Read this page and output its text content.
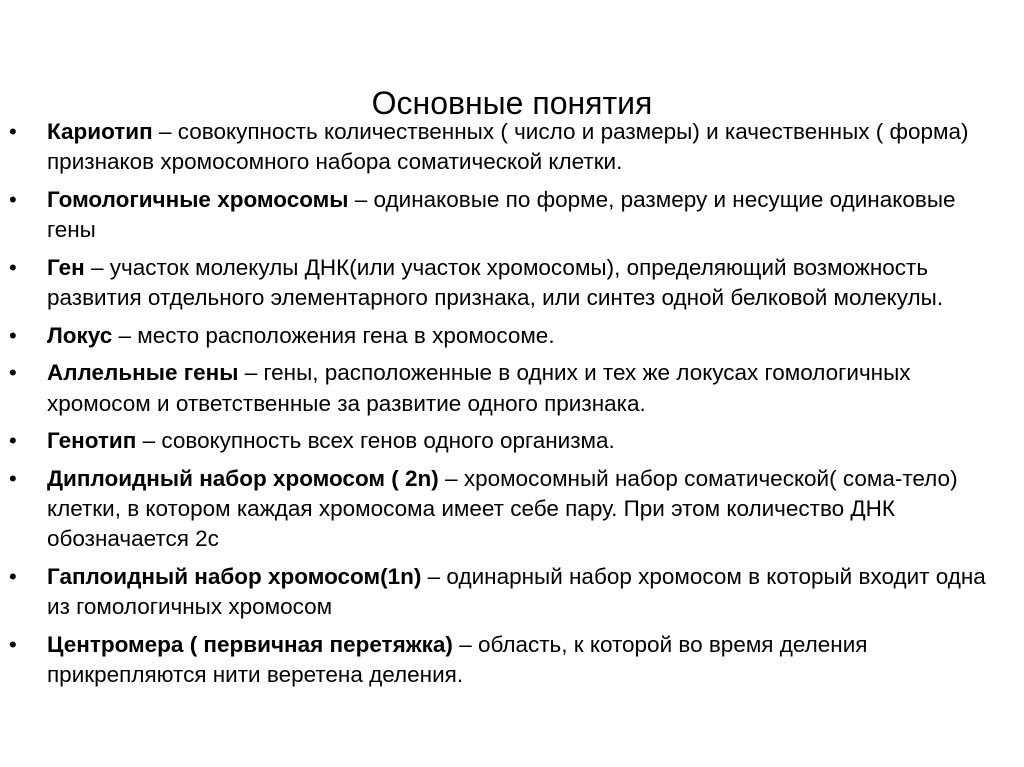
Основные понятия
• Кариотип – совокупность количественных ( число и размеры) и качественных ( форма) признаков хромосомного набора соматической клетки.
• Гомологичные хромосомы – одинаковые по форме, размеру и несущие одинаковые гены
• Ген – участок молекулы ДНК(или участок хромосомы), определяющий возможность развития отдельного элементарного признака, или синтез одной белковой молекулы.
• Локус – место расположения гена в хромосоме.
• Аллельные гены – гены, расположенные в одних и тех же локусах гомологичных хромосом и ответственные за развитие одного признака.
• Генотип – совокупность всех генов одного организма.
• Диплоидный набор хромосом ( 2n) – хромосомный набор соматической( сома-тело) клетки, в котором каждая хромосома имеет себе пару. При этом количество ДНК обозначается 2с
• Гаплоидный набор хромосом(1n) – одинарный набор хромосом в который входит одна из гомологичных хромосом
• Центромера ( первичная перетяжка) – область, к которой во время деления прикрепляются нити веретена деления.
